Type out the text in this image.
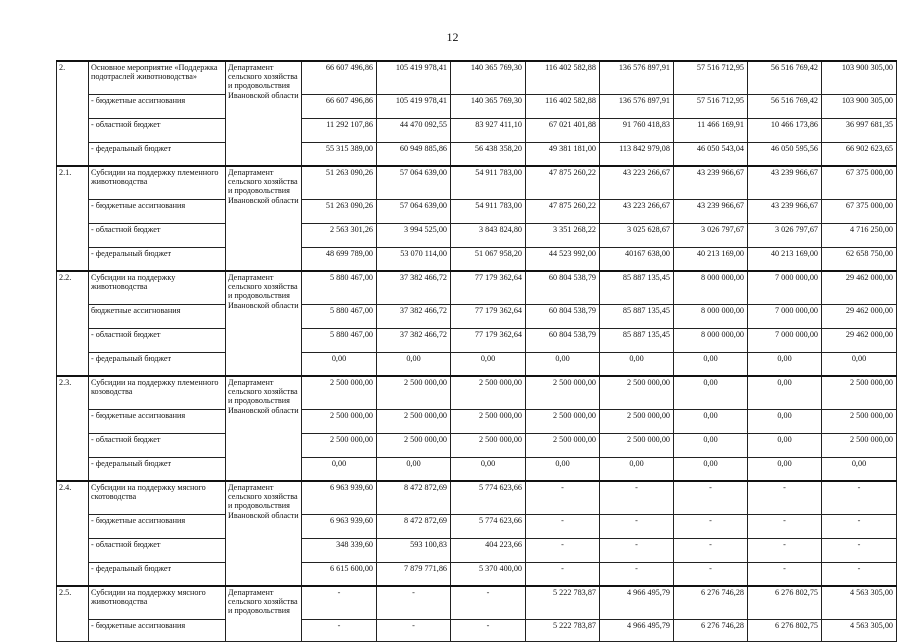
12
2.	Основное мероприятие «Поддержка подотраслей животноводства»	Департамент сельского хозяйства и продовольствия Ивановской области	66 607 496,86	105 419 978,41	140 365 769,30	116 402 582,88	136 576 897,91	57 516 712,95	56 516 769,42	103 900 305,00
	- бюджетные ассигнования		66 607 496,86	105 419 978,41	140 365 769,30	116 402 582,88	136 576 897,91	57 516 712,95	56 516 769,42	103 900 305,00
	- областной бюджет		11 292 107,86	44 470 092,55	83 927 411,10	67 021 401,88	91 760 418,83	11 466 169,91	10 466 173,86	36 997 681,35
	- федеральный бюджет		55 315 389,00	60 949 885,86	56 438 358,20	49 381 181,00	113 842 979,08	46 050 543,04	46 050 595,56	66 902 623,65
2.1.	Субсидии на поддержку племенного животноводства	Департамент сельского хозяйства и продовольствия Ивановской области	51 263 090,26	57 064 639,00	54 911 783,00	47 875 260,22	43 223 266,67	43 239 966,67	43 239 966,67	67 375 000,00
	- бюджетные ассигнования		51 263 090,26	57 064 639,00	54 911 783,00	47 875 260,22	43 223 266,67	43 239 966,67	43 239 966,67	67 375 000,00
	- областной бюджет		2 563 301,26	3 994 525,00	3 843 824,80	3 351 268,22	3 025 628,67	3 026 797,67	3 026 797,67	4 716 250,00
	- федеральный бюджет		48 699 789,00	53 070 114,00	51 067 958,20	44 523 992,00	40167 638,00	40 213 169,00	40 213 169,00	62 658 750,00
2.2.	Субсидии на поддержку животноводства	Департамент сельского хозяйства и продовольствия Ивановской области	5 880 467,00	37 382 466,72	77 179 362,64	60 804 538,79	85 887 135,45	8 000 000,00	7 000 000,00	29 462 000,00
	бюджетные ассигнования		5 880 467,00	37 382 466,72	77 179 362,64	60 804 538,79	85 887 135,45	8 000 000,00	7 000 000,00	29 462 000,00
	- областной бюджет		5 880 467,00	37 382 466,72	77 179 362,64	60 804 538,79	85 887 135,45	8 000 000,00	7 000 000,00	29 462 000,00
	- федеральный бюджет		0,00	0,00	0,00	0,00	0,00	0,00	0,00	0,00
2.3.	Субсидии на поддержку племенного козоводства	Департамент сельского хозяйства и продовольствия Ивановской области	2 500 000,00	2 500 000,00	2 500 000,00	2 500 000,00	2 500 000,00	0,00	0,00	2 500 000,00
	- бюджетные ассигнования		2 500 000,00	2 500 000,00	2 500 000,00	2 500 000,00	2 500 000,00	0,00	0,00	2 500 000,00
	- областной бюджет		2 500 000,00	2 500 000,00	2 500 000,00	2 500 000,00	2 500 000,00	0,00	0,00	2 500 000,00
	- федеральный бюджет		0,00	0,00	0,00	0,00	0,00	0,00	0,00	0,00
2.4.	Субсидии на поддержку мясного скотоводства	Департамент сельского хозяйства и продовольствия Ивановской области	6 963 939,60	8 472 872,69	5 774 623,66	-	-	-	-	-
	- бюджетные ассигнования		6 963 939,60	8 472 872,69	5 774 623,66	-	-	-	-	-
	- областной бюджет		348 339,60	593 100,83	404 223,66	-	-	-	-	-
	- федеральный бюджет		6 615 600,00	7 879 771,86	5 370 400,00	-	-	-	-	-
2.5.	Субсидии на поддержку мясного животноводства	Департамент сельского хозяйства и продовольствия	-	-	-	5 222 783,87	4 966 495,79	6 276 746,28	6 276 802,75	4 563 305,00
	- бюджетные ассигнования		-	-	-	5 222 783,87	4 966 495,79	6 276 746,28	6 276 802,75	4 563 305,00
